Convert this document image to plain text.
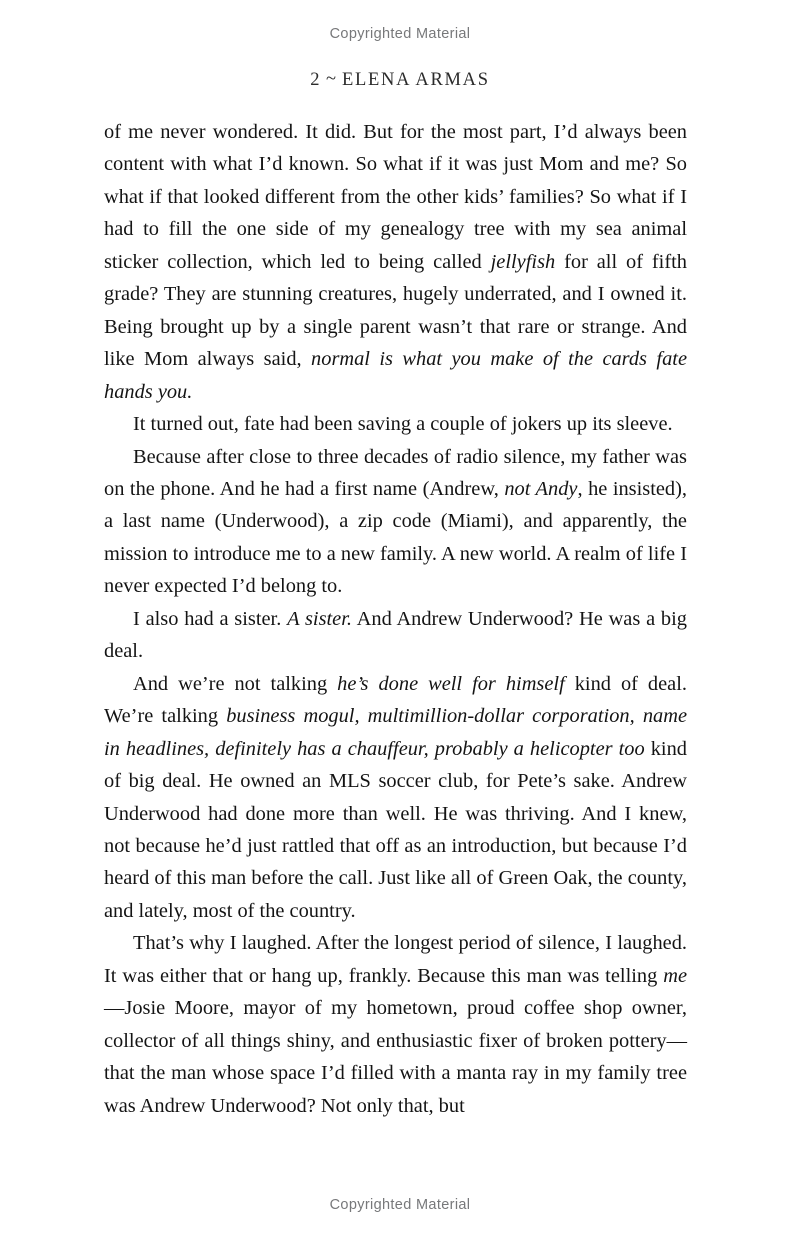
Copyrighted Material
2 ~ ELENA ARMAS

of me never wondered. It did. But for the most part, I’d always been content with what I’d known. So what if it was just Mom and me? So what if that looked different from the other kids’ families? So what if I had to fill the one side of my genealogy tree with my sea animal sticker collection, which led to being called jellyfish for all of fifth grade? They are stunning creatures, hugely underrated, and I owned it. Being brought up by a single parent wasn’t that rare or strange. And like Mom always said, normal is what you make of the cards fate hands you.

It turned out, fate had been saving a couple of jokers up its sleeve.

Because after close to three decades of radio silence, my father was on the phone. And he had a first name (Andrew, not Andy, he insisted), a last name (Underwood), a zip code (Miami), and apparently, the mission to introduce me to a new family. A new world. A realm of life I never expected I’d belong to.

I also had a sister. A sister. And Andrew Underwood? He was a big deal.

And we’re not talking he’s done well for himself kind of deal. We’re talking business mogul, multimillion-dollar corporation, name in headlines, definitely has a chauffeur, probably a helicopter too kind of big deal. He owned an MLS soccer club, for Pete’s sake. Andrew Underwood had done more than well. He was thriving. And I knew, not because he’d just rattled that off as an introduction, but because I’d heard of this man before the call. Just like all of Green Oak, the county, and lately, most of the country.

That’s why I laughed. After the longest period of silence, I laughed. It was either that or hang up, frankly. Because this man was telling me—Josie Moore, mayor of my hometown, proud coffee shop owner, collector of all things shiny, and enthusiastic fixer of broken pottery—that the man whose space I’d filled with a manta ray in my family tree was Andrew Underwood? Not only that, but

Copyrighted Material
